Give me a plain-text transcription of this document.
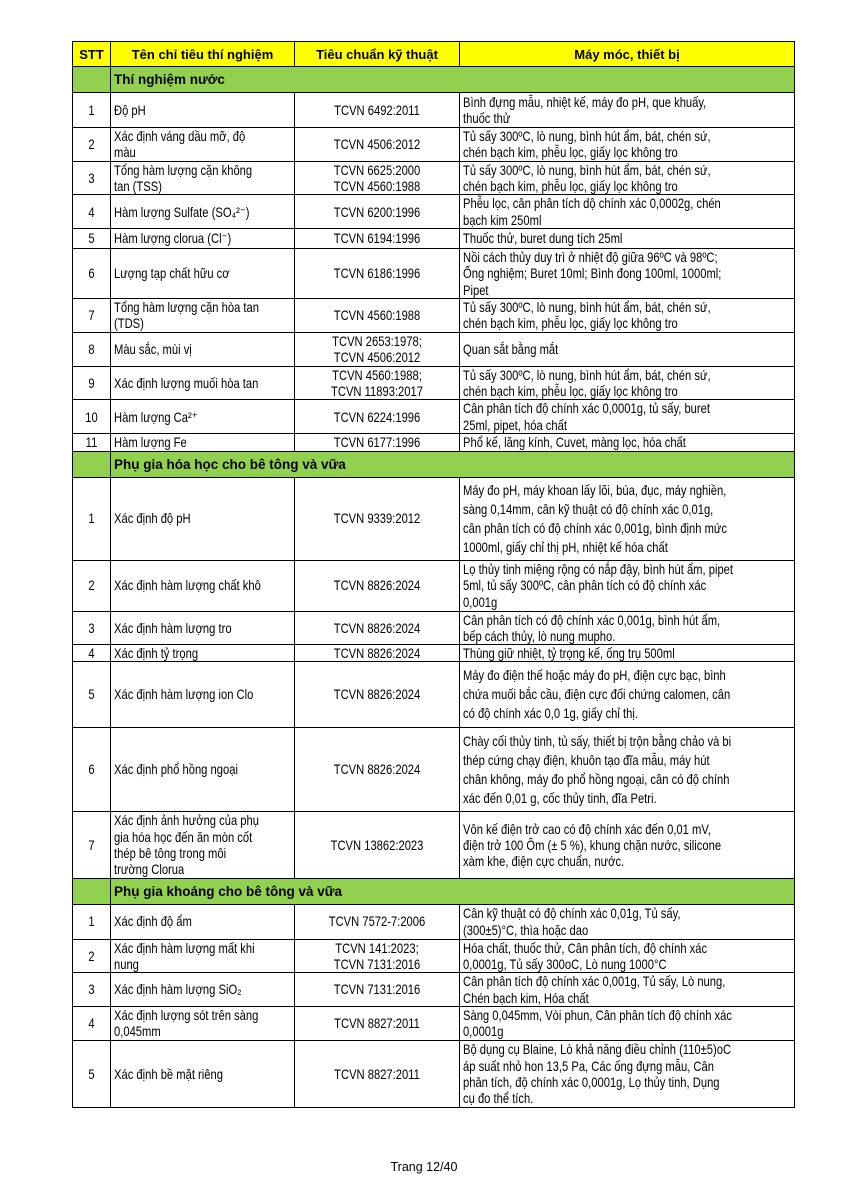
STT	Tên chỉ tiêu thí nghiệm	Tiêu chuẩn kỹ thuật	Máy móc, thiết bị
	Thí nghiệm nước		

1	Độ pH	TCVN 6492:2011	Bình đựng mẫu, nhiệt kế, máy đo pH, que khuấy,
thuốc thử

2	Xác định váng dầu mỡ, độ
màu	TCVN 4506:2012	Tủ sấy 300ºC, lò nung, bình hút ẩm, bát, chén sứ,
chén bạch kim, phễu lọc, giấy lọc không tro

3	Tổng hàm lượng cặn không
tan (TSS)	TCVN 6625:2000
TCVN 4560:1988	Tủ sấy 300ºC, lò nung, bình hút ẩm, bát, chén sứ,
chén bạch kim, phễu lọc, giấy lọc không tro

4	Hàm lượng Sulfate (SO₄²⁻)	TCVN 6200:1996	Phễu lọc, cân phân tích dộ chính xác 0,0002g, chén
bạch kim 250ml

5	Hàm lượng clorua (Cl⁻)	TCVN 6194:1996	Thuốc thử, buret dung tích 25ml

6	Lượng tạp chất hữu cơ	TCVN 6186:1996	Nồi cách thủy duy trì ở nhiệt độ giữa 96ºC và 98ºC;
Ống nghiệm; Buret 10ml; Bình đong 100ml, 1000ml;
Pipet

7	Tổng hàm lượng cặn hòa tan
(TDS)	TCVN 4560:1988	Tủ sấy 300ºC, lò nung, bình hút ẩm, bát, chén sứ,
chén bạch kim, phễu lọc, giấy lọc không tro

8	Màu sắc, mùi vị	TCVN 2653:1978;
TCVN 4506:2012	Quan sắt bằng mắt

9	Xác định lượng muối hòa tan	TCVN 4560:1988;
TCVN 11893:2017	Tủ sấy 300ºC, lò nung, bình hút ẩm, bát, chén sứ,
chén bạch kim, phễu lọc, giấy lọc không tro

10	Hàm lượng Ca²⁺	TCVN 6224:1996	Cân phân tích độ chính xác 0,0001g, tủ sấy, buret
25ml, pipet, hóa chất

11	Hàm lượng Fe	TCVN 6177:1996	Phổ kế, lăng kính, Cuvet, màng lọc, hóa chất

	Phụ gia hóa học cho bê tông và vữa		

1	Xác định độ pH	TCVN 9339:2012	Máy đo pH, máy khoan lấy lõi, búa, đục, máy nghiền,
sàng 0,14mm, cân kỹ thuật có độ chính xác 0,01g,
cân phân tích có độ chính xác 0,001g, bình định mức
1000ml, giấy chỉ thị pH, nhiệt kế hóa chất

2	Xác định hàm lượng chất khô	TCVN 8826:2024	Lọ thủy tinh miệng rộng có nắp đậy, bình hút ẩm, pipet
5ml, tủ sấy 300ºC, cân phân tích có độ chính xác
0,001g

3	Xác định hàm lượng tro	TCVN 8826:2024	Cân phân tích có độ chính xác 0,001g, bình hút ẩm,
bếp cách thủy, lò nung mupho.

4	Xác định tỷ trọng	TCVN 8826:2024	Thùng giữ nhiệt, tỷ trọng kế, ống trụ 500ml

5	Xác định hàm lượng ion Clo	TCVN 8826:2024	Máy đo điện thế hoặc máy đo pH, điện cực bạc, bình
chứa muối bắc cầu, điện cực đối chứng calomen, cân
có độ chính xác 0,0 1g, giấy chỉ thị.

6	Xác định phổ hồng ngoại	TCVN 8826:2024	Chày cối thủy tinh, tủ sấy, thiết bị trộn bằng chảo và bi
thép cứng chạy điện, khuôn tạo đĩa mẫu, máy hút
chân không, máy đo phổ hồng ngoại, cân có độ chính
xác đến 0,01 g, cốc thủy tinh, đĩa Petri.

7	Xác định ảnh hưởng của phụ
gia hóa học đến ăn mòn cốt
thép bê tông trong môi
trường Clorua	TCVN 13862:2023	Vôn kế điện trở cao có độ chính xác đến 0,01 mV,
điện trở 100 Ôm (± 5 %), khung chặn nước, silicone
xàm khe, điện cực chuẩn, nước.

	Phụ gia khoáng cho bê tông và vữa		

1	Xác định độ ẩm	TCVN 7572-7:2006	Cân kỹ thuật có độ chính xác 0,01g, Tủ sấy,
(300±5)°C, thìa hoặc dao

2	Xác định hàm lượng mất khi
nung	TCVN 141:2023;
TCVN 7131:2016	Hóa chất, thuốc thử, Cân phân tích, độ chính xác
0,0001g, Tủ sấy 300oC, Lò nung 1000°C

3	Xác định hàm lượng SiO₂	TCVN 7131:2016	Cân phân tích độ chính xác 0,001g, Tủ sấy, Lò nung,
Chén bạch kim, Hóa chất

4	Xác định lượng sót trên sàng
0,045mm	TCVN 8827:2011	Sàng 0,045mm, Vòi phun, Cân phân tích độ chính xác
0,0001g

5	Xác định bề mặt riêng	TCVN 8827:2011	Bộ dụng cụ Blaine, Lò khả năng điều chỉnh (110±5)oC
áp suất nhỏ hon 13,5 Pa, Các ống đựng mẫu, Cân
phân tích, độ chính xác 0,0001g, Lọ thủy tinh, Dụng
cụ đo thể tích.
Trang 12/40
